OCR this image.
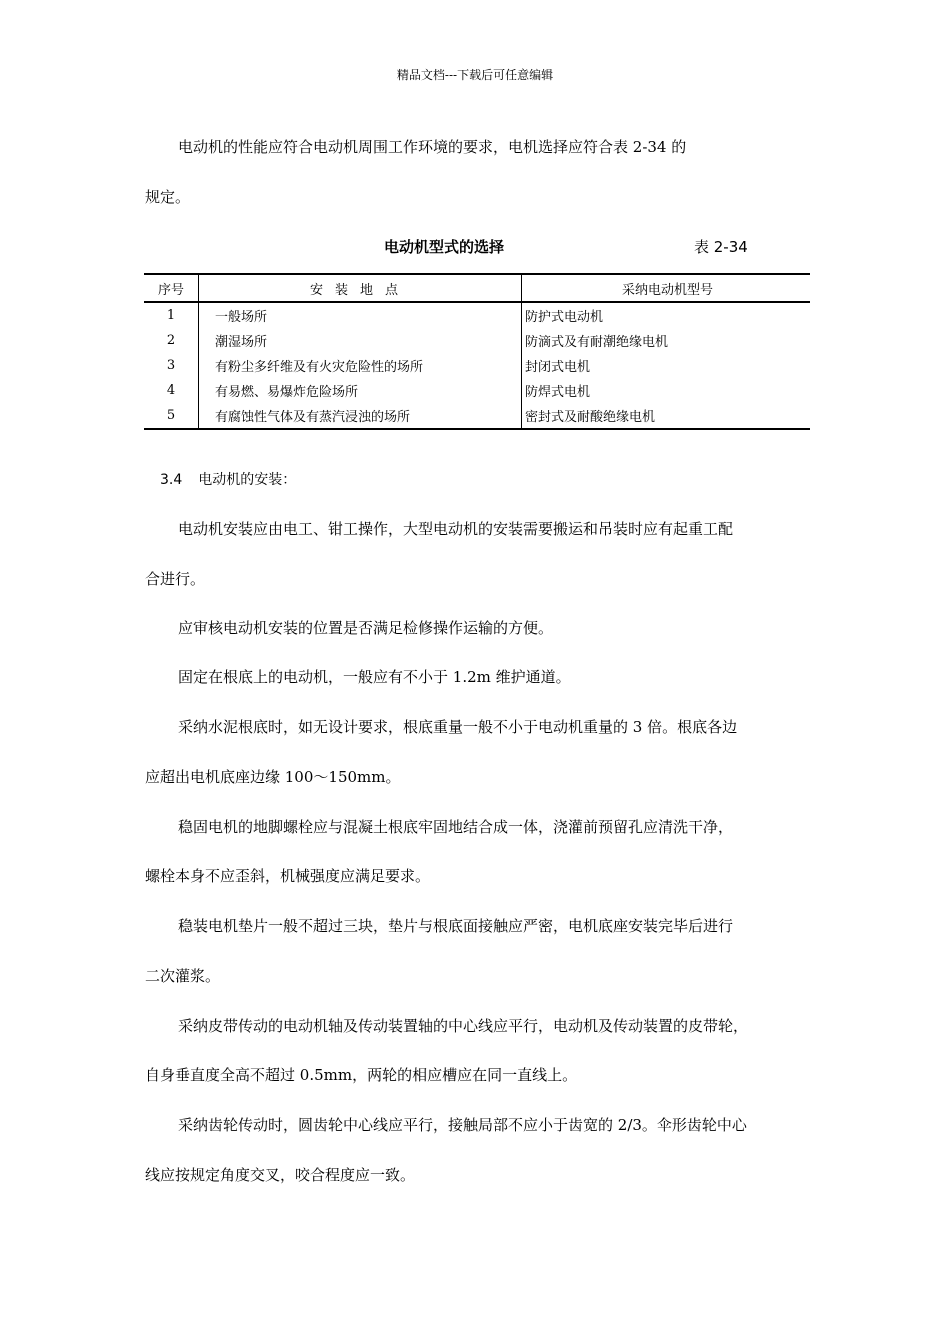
精品文档---下载后可任意编辑
电动机的性能应符合电动机周围工作环境的要求，电机选择应符合表 2-34 的
规定。
电动机型式的选择	表 2-34
序号	安装地点	采纳电动机型号
1	一般场所	防护式电动机
2	潮湿场所	防滴式及有耐潮绝缘电机
3	有粉尘多纤维及有火灾危险性的场所	封闭式电机
4	有易燃、易爆炸危险场所	防焊式电机
5	有腐蚀性气体及有蒸汽浸浊的场所	密封式及耐酸绝缘电机
3.4 电动机的安装：
电动机安装应由电工、钳工操作，大型电动机的安装需要搬运和吊装时应有起重工配
合进行。
应审核电动机安装的位置是否满足检修操作运输的方便。
固定在根底上的电动机，一般应有不小于 1.2m 维护通道。
采纳水泥根底时，如无设计要求，根底重量一般不小于电动机重量的 3 倍。根底各边
应超出电机底座边缘 100～150mm。
稳固电机的地脚螺栓应与混凝土根底牢固地结合成一体，浇灌前预留孔应清洗干净，
螺栓本身不应歪斜，机械强度应满足要求。
稳装电机垫片一般不超过三块，垫片与根底面接触应严密，电机底座安装完毕后进行
二次灌浆。
采纳皮带传动的电动机轴及传动装置轴的中心线应平行，电动机及传动装置的皮带轮，
自身垂直度全高不超过 0.5mm，两轮的相应槽应在同一直线上。
采纳齿轮传动时，圆齿轮中心线应平行，接触局部不应小于齿宽的 2/3。伞形齿轮中心
线应按规定角度交叉，咬合程度应一致。
